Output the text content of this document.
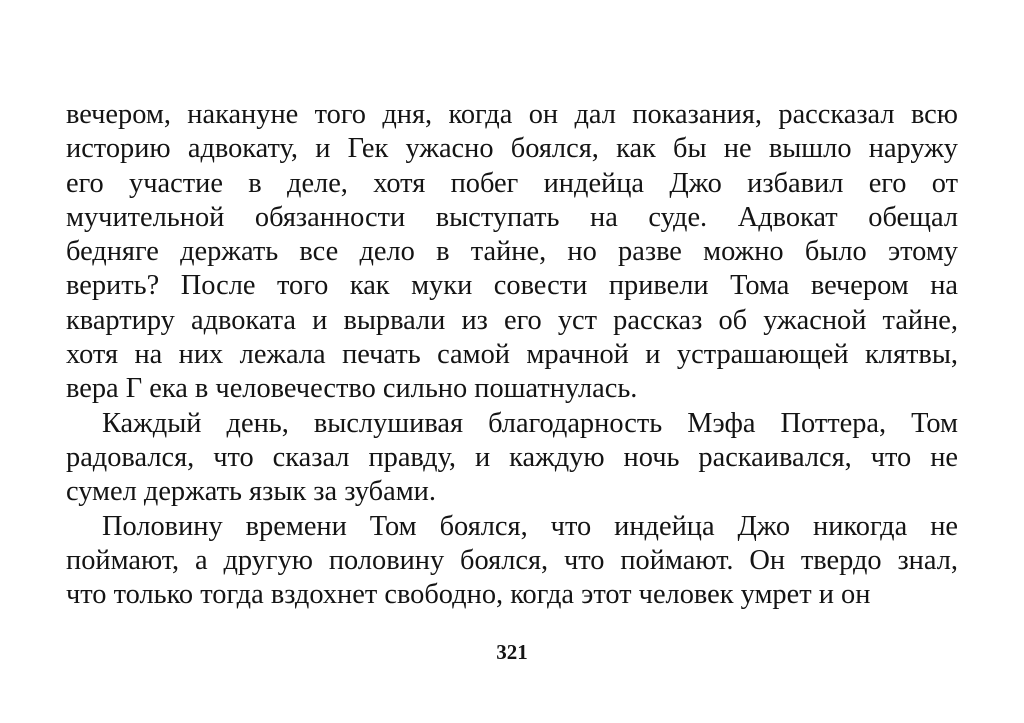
вечером, накануне того дня, когда он дал показания, рассказал всю
историю адвокату, и Гек ужасно боялся, как бы не вышло наружу
его участие в деле, хотя побег индейца Джо избавил его от
мучительной обязанности выступать на суде. Адвокат обещал
бедняге держать все дело в тайне, но разве можно было этому
верить? После того как муки совести привели Тома вечером на
квартиру адвоката и вырвали из его уст рассказ об ужасной тайне,
хотя на них лежала печать самой мрачной и устрашающей клятвы,
вера Г ека в человечество сильно пошатнулась.
Каждый день, выслушивая благодарность Мэфа Поттера, Том
радовался, что сказал правду, и каждую ночь раскаивался, что не
сумел держать язык за зубами.
Половину времени Том боялся, что индейца Джо никогда не
поймают, а другую половину боялся, что поймают. Он твердо знал,
что только тогда вздохнет свободно, когда этот человек умрет и он
321
